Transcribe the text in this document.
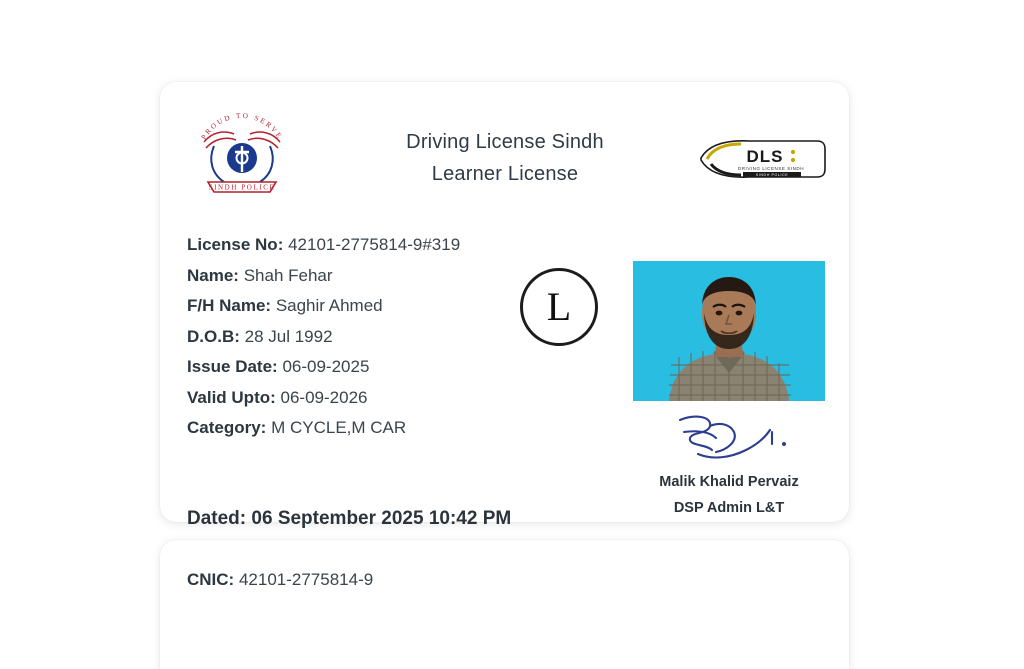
PROUD TO SERVE
SINDH POLICE
Driving License Sindh
Learner License
DLS
DRIVING LICENSE SINDH
SINDH POLICE
License No: 42101-2775814-9#319
Name: Shah Fehar
F/H Name: Saghir Ahmed
D.O.B: 28 Jul 1992
Issue Date: 06-09-2025
Valid Upto: 06-09-2026
Category: M CYCLE,M CAR
Dated: 06 September 2025 10:42 PM
L
Malik Khalid Pervaiz
DSP Admin L&T
CNIC: 42101-2775814-9
